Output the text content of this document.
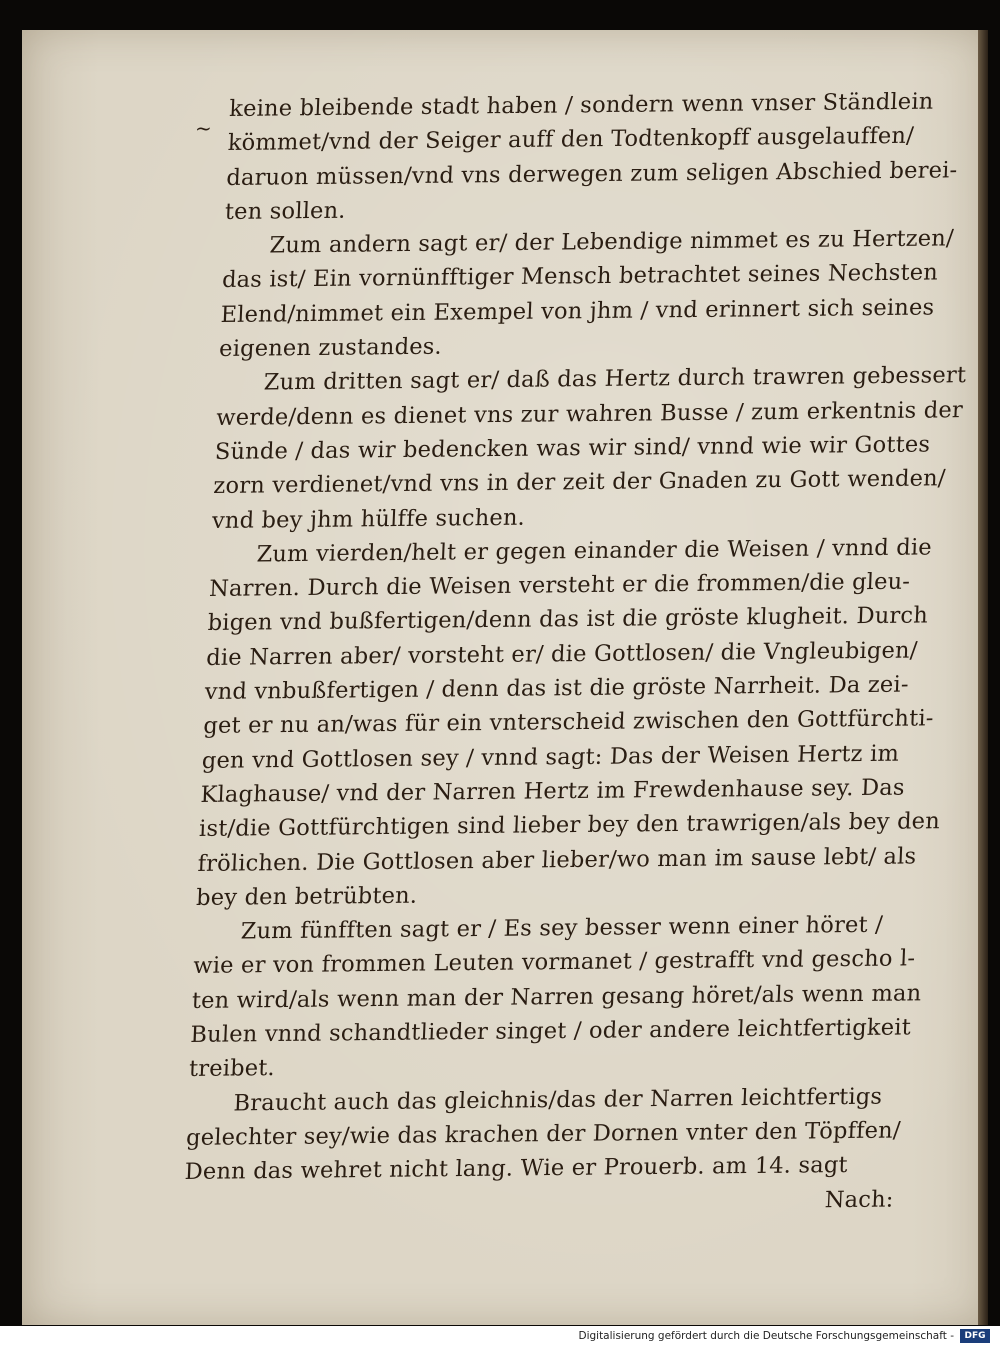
~
keine bleibende stadt haben / sondern wenn vnser Ständlein
kömmet/vnd der Seiger auff den Todtenkopff ausgelauffen/
daruon müssen/vnd vns derwegen zum seligen Abschied berei-
ten sollen.
Zum andern sagt er/ der Lebendige nimmet es zu Hertzen/
das ist/ Ein vornünfftiger Mensch betrachtet seines Nechsten
Elend/nimmet ein Exempel von jhm / vnd erinnert sich seines
eigenen zustandes.
Zum dritten sagt er/ daß das Hertz durch trawren gebessert
werde/denn es dienet vns zur wahren Busse / zum erkentnis der
Sünde / das wir bedencken was wir sind/ vnnd wie wir Gottes
zorn verdienet/vnd vns in der zeit der Gnaden zu Gott wenden/
vnd bey jhm hülffe suchen.
Zum vierden/helt er gegen einander die Weisen / vnnd die
Narren. Durch die Weisen versteht er die frommen/die gleu-
bigen vnd bußfertigen/denn das ist die gröste klugheit. Durch
die Narren aber/ vorsteht er/ die Gottlosen/ die Vngleubigen/
vnd vnbußfertigen / denn das ist die gröste Narrheit. Da zei-
get er nu an/was für ein vnterscheid zwischen den Gottfürchti-
gen vnd Gottlosen sey / vnnd sagt: Das der Weisen Hertz im
Klaghause/ vnd der Narren Hertz im Frewdenhause sey. Das
ist/die Gottfürchtigen sind lieber bey den trawrigen/als bey den
frölichen. Die Gottlosen aber lieber/wo man im sause lebt/ als
bey den betrübten.
Zum fünfften sagt er / Es sey besser wenn einer höret /
wie er von frommen Leuten vormanet / gestrafft vnd gescho l-
ten wird/als wenn man der Narren gesang höret/als wenn man
Bulen vnnd schandtlieder singet / oder andere leichtfertigkeit
treibet.
Braucht auch das gleichnis/das der Narren leichtfertigs
gelechter sey/wie das krachen der Dornen vnter den Töpffen/
Denn das wehret nicht lang. Wie er Prouerb. am 14. sagt
Nach:
Digitalisierung gefördert durch die Deutsche Forschungsgemeinschaft -	DFG
